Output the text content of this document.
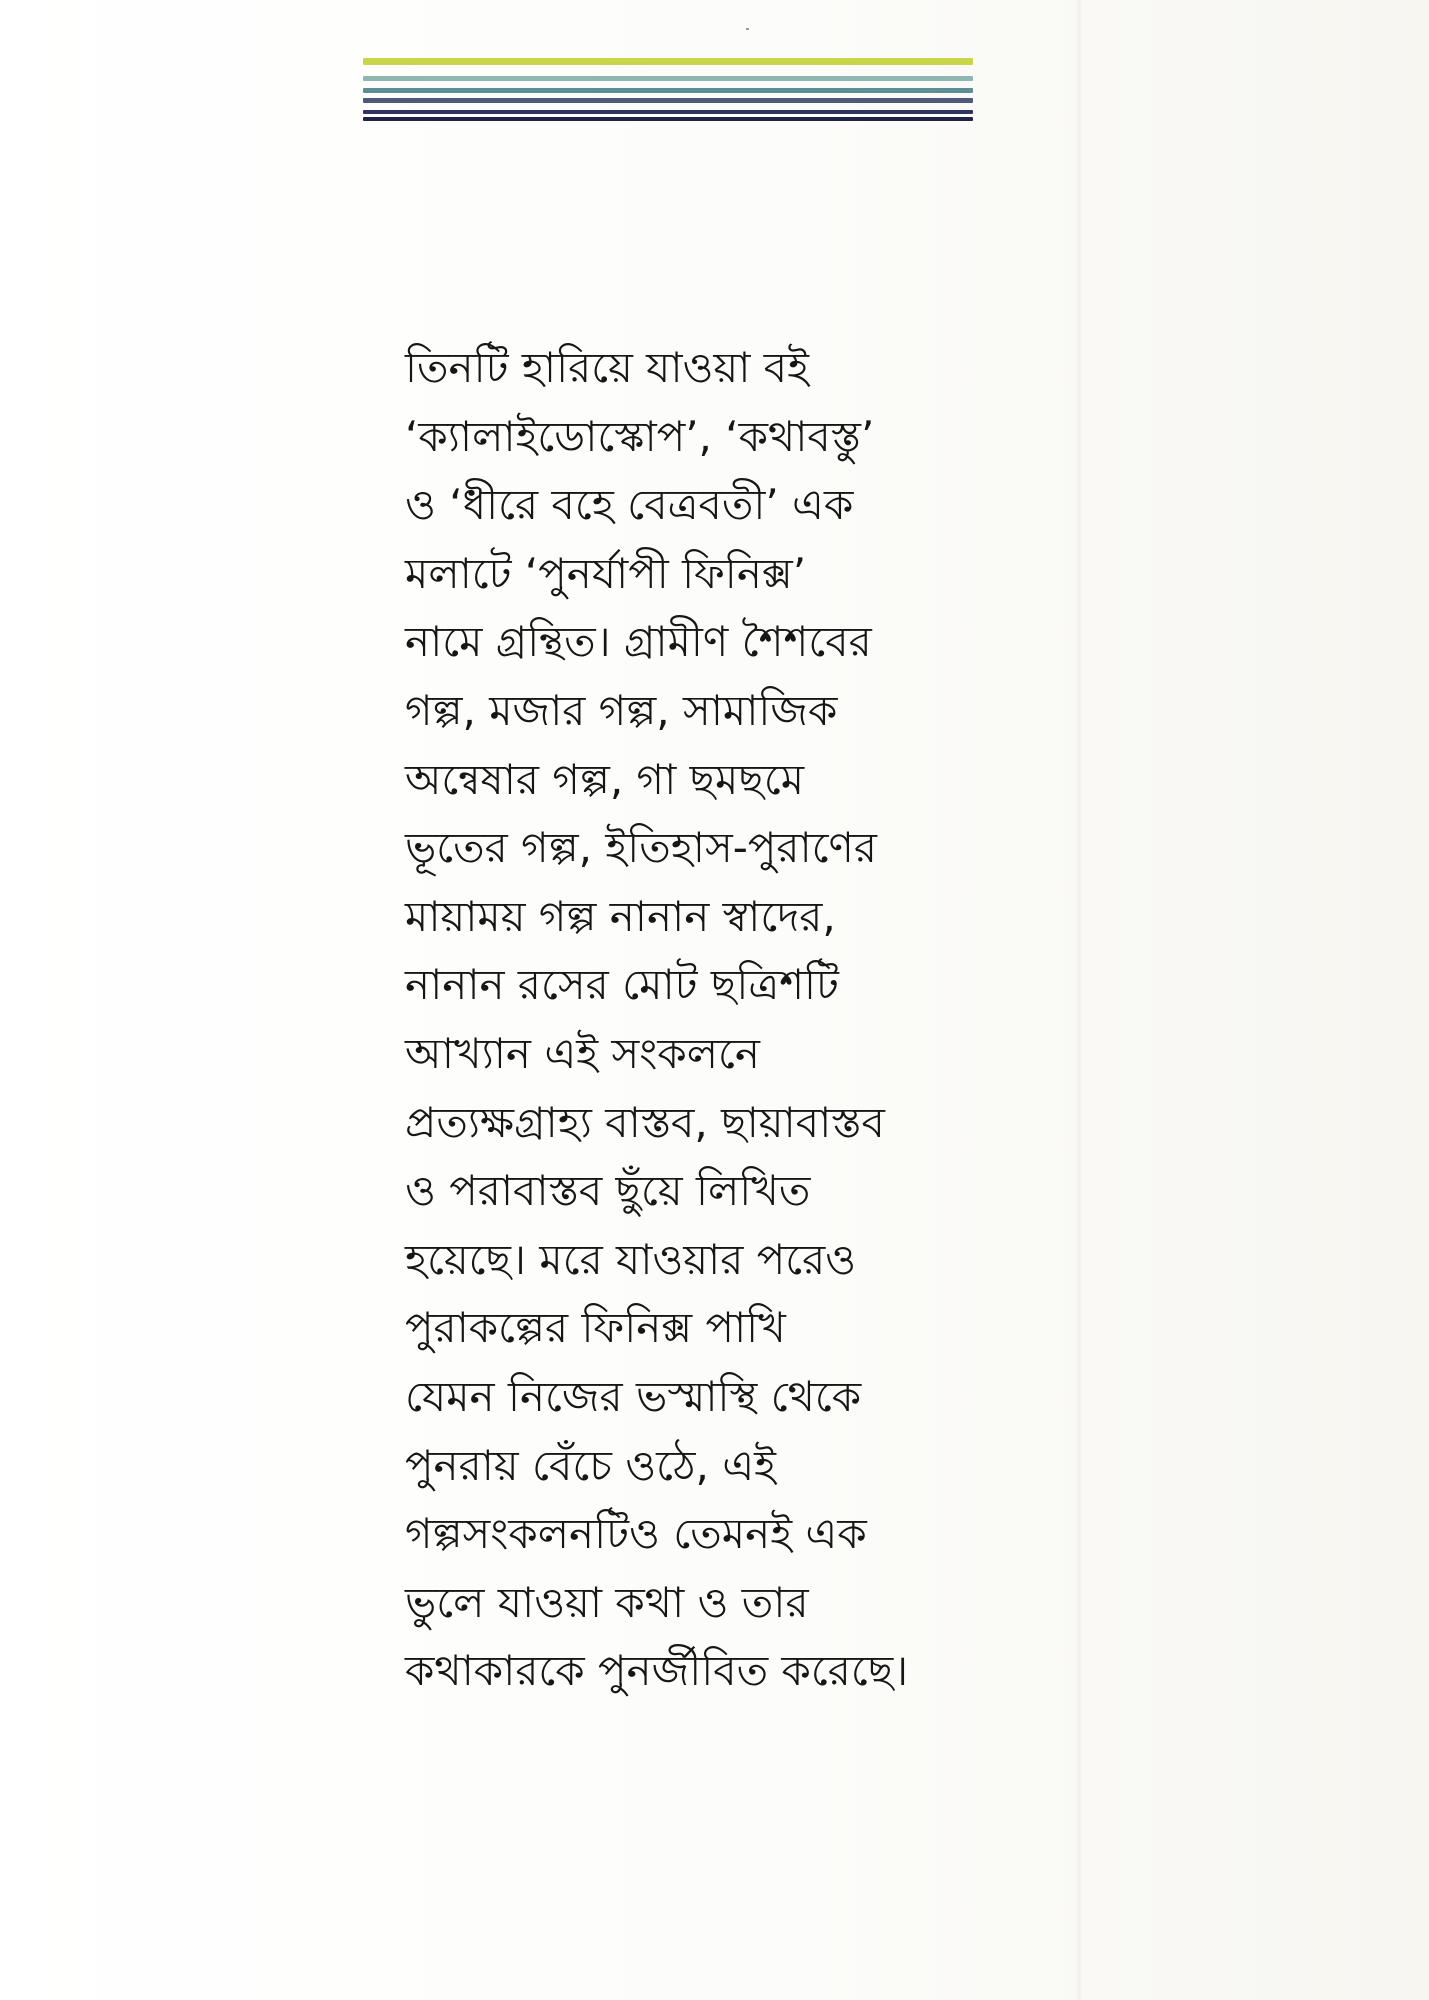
তিনটি হারিয়ে যাওয়া বই
‘ক্যালাইডোস্কোপ’, ‘কথাবস্তু’
ও ‘ধীরে বহে বেত্রবতী’ এক
মলাটে ‘পুনর্যাপী ফিনিক্স’
নামে গ্রন্থিত। গ্রামীণ শৈশবের
গল্প, মজার গল্প, সামাজিক
অন্বেষার গল্প, গা ছমছমে
ভূতের গল্প, ইতিহাস-পুরাণের
মায়াময় গল্প নানান স্বাদের,
নানান রসের মোট ছত্রিশটি
আখ্যান এই সংকলনে
প্রত্যক্ষগ্রাহ্য বাস্তব, ছায়াবাস্তব
ও পরাবাস্তব ছুঁয়ে লিখিত
হয়েছে। মরে যাওয়ার পরেও
পুরাকল্পের ফিনিক্স পাখি
যেমন নিজের ভস্মাস্থি থেকে
পুনরায় বেঁচে ওঠে, এই
গল্পসংকলনটিও তেমনই এক
ভুলে যাওয়া কথা ও তার
কথাকারকে পুনর্জীবিত করেছে।
